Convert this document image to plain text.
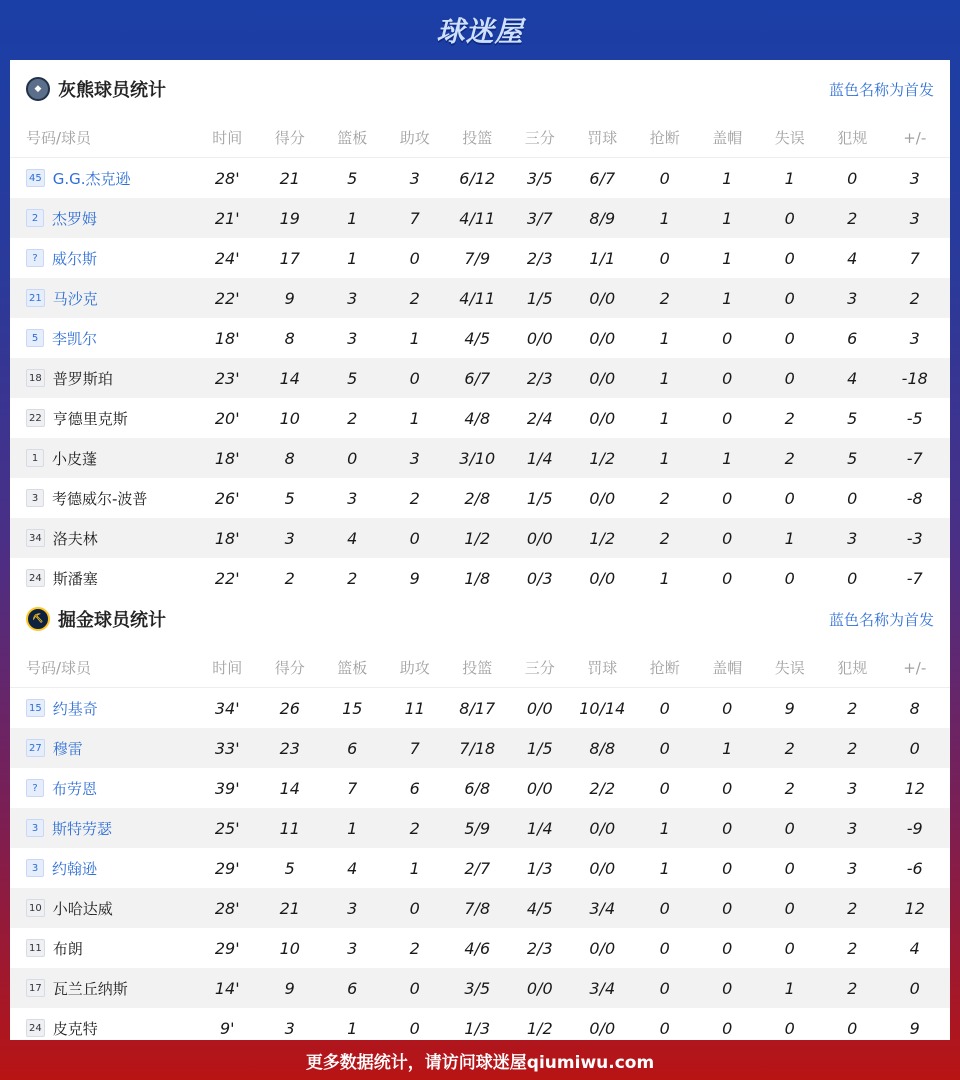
球迷屋
◆ 灰熊球员统计	蓝色名称为首发
号码/球员	时间	得分	篮板	助攻	投篮	三分	罚球	抢断	盖帽	失误	犯规	+/-
45 G.G.杰克逊	28'	21	5	3	6/12	3/5	6/7	0	1	1	0	3
2 杰罗姆	21'	19	1	7	4/11	3/7	8/9	1	1	0	2	3
? 威尔斯	24'	17	1	0	7/9	2/3	1/1	0	1	0	4	7
21 马沙克	22'	9	3	2	4/11	1/5	0/0	2	1	0	3	2
5 李凯尔	18'	8	3	1	4/5	0/0	0/0	1	0	0	6	3
18 普罗斯珀	23'	14	5	0	6/7	2/3	0/0	1	0	0	4	-18
22 亨德里克斯	20'	10	2	1	4/8	2/4	0/0	1	0	2	5	-5
1 小皮蓬	18'	8	0	3	3/10	1/4	1/2	1	1	2	5	-7
3 考德威尔-波普	26'	5	3	2	2/8	1/5	0/0	2	0	0	0	-8
34 洛夫林	18'	3	4	0	1/2	0/0	1/2	2	0	1	3	-3
24 斯潘塞	22'	2	2	9	1/8	0/3	0/0	1	0	0	0	-7
⛏ 掘金球员统计	蓝色名称为首发
号码/球员	时间	得分	篮板	助攻	投篮	三分	罚球	抢断	盖帽	失误	犯规	+/-
15 约基奇	34'	26	15	11	8/17	0/0	10/14	0	0	9	2	8
27 穆雷	33'	23	6	7	7/18	1/5	8/8	0	1	2	2	0
? 布劳恩	39'	14	7	6	6/8	0/0	2/2	0	0	2	3	12
3 斯特劳瑟	25'	11	1	2	5/9	1/4	0/0	1	0	0	3	-9
3 约翰逊	29'	5	4	1	2/7	1/3	0/0	1	0	0	3	-6
10 小哈达威	28'	21	3	0	7/8	4/5	3/4	0	0	0	2	12
11 布朗	29'	10	3	2	4/6	2/3	0/0	0	0	0	2	4
17 瓦兰丘纳斯	14'	9	6	0	3/5	0/0	3/4	0	0	1	2	0
24 皮克特	9'	3	1	0	1/3	1/2	0/0	0	0	0	0	9
更多数据统计，请访问球迷屋qiumiwu.com
